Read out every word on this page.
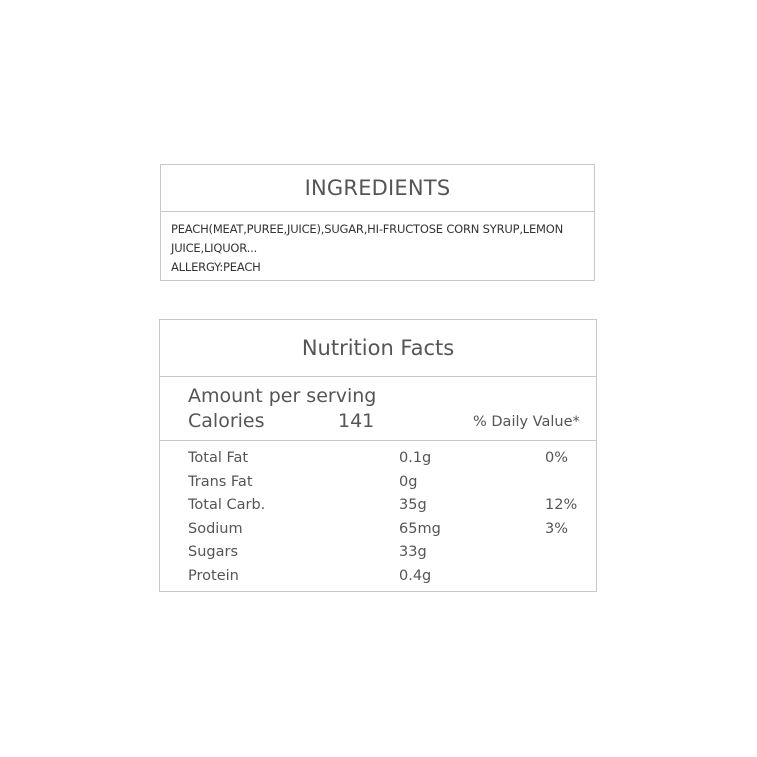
INGREDIENTS
PEACH(MEAT,PUREE,JUICE),SUGAR,HI-FRUCTOSE CORN SYRUP,LEMON JUICE,LIQUOR...
ALLERGY:PEACH
Nutrition Facts
Amount per serving
Calories	141	% Daily Value*
Total Fat	0.1g	0%
Trans Fat	0g
Total Carb.	35g	12%
Sodium	65mg	3%
Sugars	33g
Protein	0.4g
